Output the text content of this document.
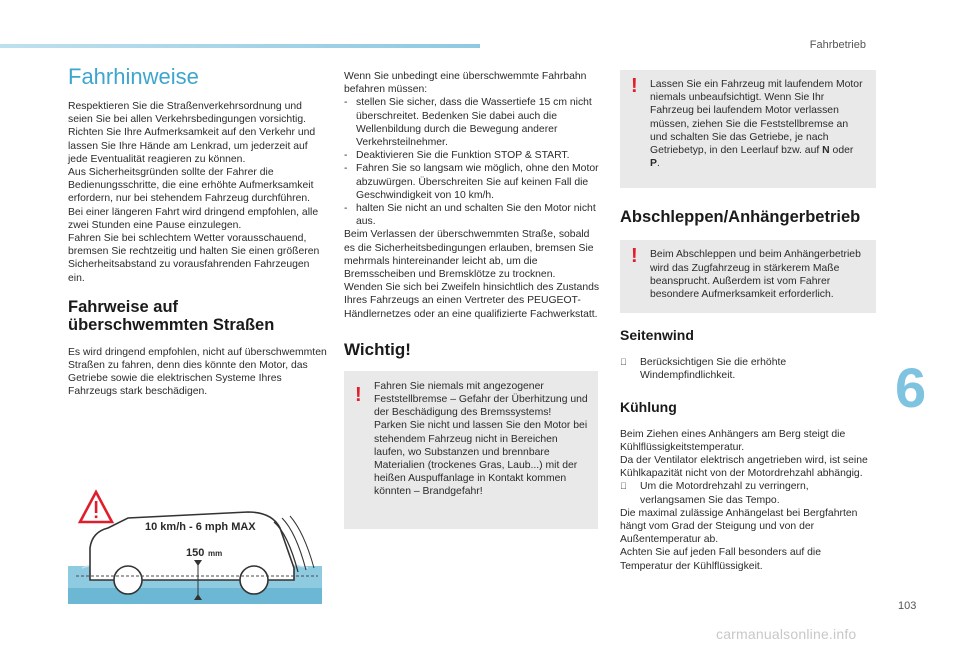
Fahrbetrieb
6
103
carmanualsonline.info
Fahrhinweise

Respektieren Sie die Straßenverkehrsordnung und seien Sie bei allen Verkehrsbedingungen vorsichtig.
Richten Sie Ihre Aufmerksamkeit auf den Verkehr und lassen Sie Ihre Hände am Lenkrad, um jederzeit auf jede Eventualität reagieren zu können.
Aus Sicherheitsgründen sollte der Fahrer die Bedienungsschritte, die eine erhöhte Aufmerksamkeit erfordern, nur bei stehendem Fahrzeug durchführen.
Bei einer längeren Fahrt wird dringend empfohlen, alle zwei Stunden eine Pause einzulegen.
Fahren Sie bei schlechtem Wetter vorausschauend, bremsen Sie rechtzeitig und halten Sie einen größeren Sicherheitsabstand zu vorausfahrenden Fahrzeugen ein.

Fahrweise auf
überschwemmten Straßen

Es wird dringend empfohlen, nicht auf überschwemmten Straßen zu fahren, denn dies könnte den Motor, das Getriebe sowie die elektrischen Systeme Ihres Fahrzeugs stark beschädigen.

10 km/h - 6 mph MAX
150 mm

Wenn Sie unbedingt eine überschwemmte Fahrbahn befahren müssen:

- stellen Sie sicher, dass die Wassertiefe 15 cm nicht überschreitet. Bedenken Sie dabei auch die Wellenbildung durch die Bewegung anderer Verkehrsteilnehmer.
- Deaktivieren Sie die Funktion STOP & START.
- Fahren Sie so langsam wie möglich, ohne den Motor abzuwürgen. Überschreiten Sie auf keinen Fall die Geschwindigkeit von 10 km/h.
- halten Sie nicht an und schalten Sie den Motor nicht aus.

Beim Verlassen der überschwemmten Straße, sobald es die Sicherheitsbedingungen erlauben, bremsen Sie mehrmals hintereinander leicht ab, um die Bremsscheiben und Bremsklötze zu trocknen.
Wenden Sie sich bei Zweifeln hinsichtlich des Zustands Ihres Fahrzeugs an einen Vertreter des PEUGEOT-Händlernetzes oder an eine qualifizierte Fachwerkstatt.

Wichtig!
! Fahren Sie niemals mit angezogener Feststellbremse – Gefahr der Überhitzung und der Beschädigung des Bremssystems!
Parken Sie nicht und lassen Sie den Motor bei stehendem Fahrzeug nicht in Bereichen laufen, wo Substanzen und brennbare Materialien (trockenes Gras, Laub...) mit der heißen Auspuffanlage in Kontakt kommen könnten – Brandgefahr!

! Lassen Sie ein Fahrzeug mit laufendem Motor niemals unbeaufsichtigt. Wenn Sie Ihr Fahrzeug bei laufendem Motor verlassen müssen, ziehen Sie die Feststellbremse an und schalten Sie das Getriebe, je nach Getriebetyp, in den Leerlauf bzw. auf N oder P.

Abschleppen/Anhängerbetrieb
! Beim Abschleppen und beim Anhängerbetrieb wird das Zugfahrzeug in stärkerem Maße beansprucht. Außerdem ist vom Fahrer besondere Aufmerksamkeit erforderlich.

Seitenwind
Berücksichtigen Sie die erhöhte Windempfindlichkeit.
Kühlung

Beim Ziehen eines Anhängers am Berg steigt die Kühlflüssigkeitstemperatur.
Da der Ventilator elektrisch angetrieben wird, ist seine Kühlkapazität nicht von der Motordrehzahl abhängig.

Um die Motordrehzahl zu verringern, verlangsamen Sie das Tempo.

Die maximal zulässige Anhängelast bei Bergfahrten hängt vom Grad der Steigung und von der Außentemperatur ab.
Achten Sie auf jeden Fall besonders auf die Temperatur der Kühlflüssigkeit.
